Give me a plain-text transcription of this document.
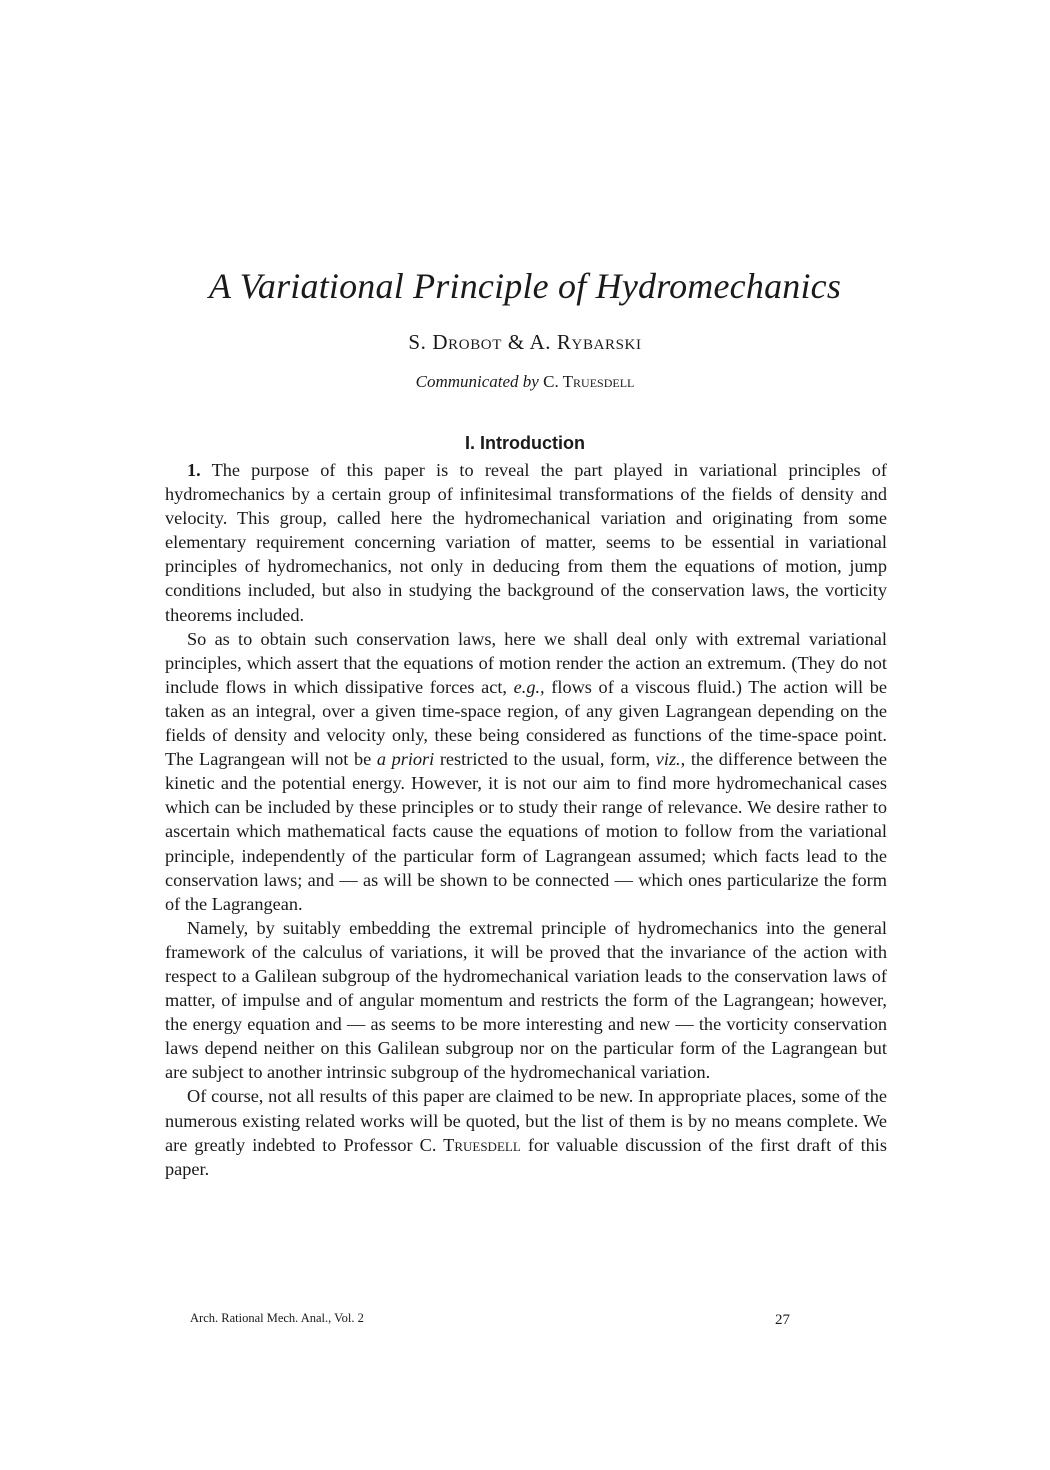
A Variational Principle of Hydromechanics

S. Drobot & A. Rybarski

Communicated by C. Truesdell

I. Introduction

1. The purpose of this paper is to reveal the part played in variational principles of hydromechanics by a certain group of infinitesimal transformations of the fields of density and velocity. This group, called here the hydromechanical variation and originating from some elementary requirement concerning variation of matter, seems to be essential in variational principles of hydromechanics, not only in deducing from them the equations of motion, jump conditions included, but also in studying the background of the conservation laws, the vorticity theorems included.

So as to obtain such conservation laws, here we shall deal only with extremal variational principles, which assert that the equations of motion render the action an extremum. (They do not include flows in which dissipative forces act, e.g., flows of a viscous fluid.) The action will be taken as an integral, over a given time-space region, of any given Lagrangean depending on the fields of density and velocity only, these being considered as functions of the time-space point. The Lagrangean will not be a priori restricted to the usual, form, viz., the difference between the kinetic and the potential energy. However, it is not our aim to find more hydromechanical cases which can be included by these principles or to study their range of relevance. We desire rather to ascertain which mathematical facts cause the equations of motion to follow from the variational principle, independently of the particular form of Lagrangean assumed; which facts lead to the conservation laws; and — as will be shown to be connected — which ones particularize the form of the Lagrangean.

Namely, by suitably embedding the extremal principle of hydromechanics into the general framework of the calculus of variations, it will be proved that the invariance of the action with respect to a Galilean subgroup of the hydromechanical variation leads to the conservation laws of matter, of impulse and of angular momentum and restricts the form of the Lagrangean; however, the energy equation and — as seems to be more interesting and new — the vorticity conservation laws depend neither on this Galilean subgroup nor on the particular form of the Lagrangean but are subject to another intrinsic subgroup of the hydromechanical variation.

Of course, not all results of this paper are claimed to be new. In appropriate places, some of the numerous existing related works will be quoted, but the list of them is by no means complete. We are greatly indebted to Professor C. Truesdell for valuable discussion of the first draft of this paper.

Arch. Rational Mech. Anal., Vol. 2	27
